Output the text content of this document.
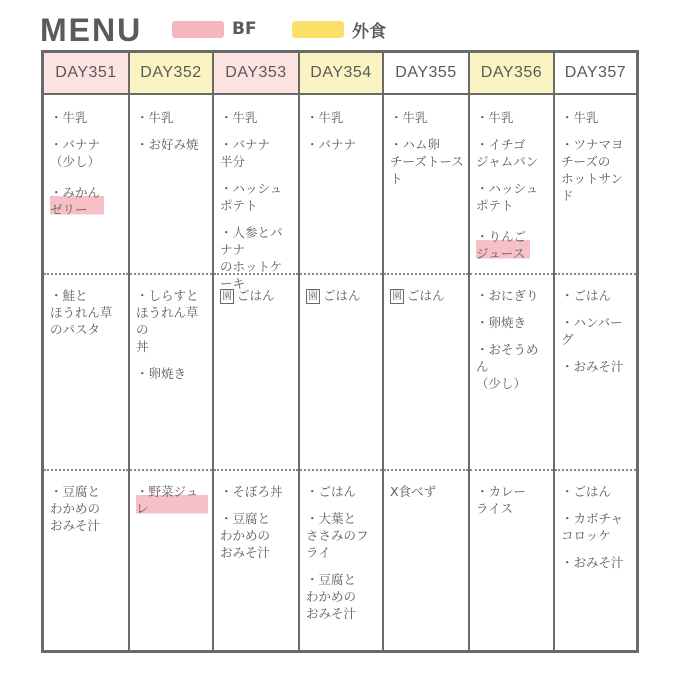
MENU	BF	外食
DAY351
・牛乳
・バナナ
（少し）
・みかん
ゼリー
・鮭と
ほうれん草
のパスタ
・豆腐と
わかめの
おみそ汁
DAY352
・牛乳
・お好み焼
・しらすと
ほうれん草の
丼
・卵焼き
・野菜ジュレ
DAY353
・牛乳
・バナナ
半分
・ハッシュ
ポテト
・人参とバナナ
のホットケーキ
園 ごはん
・そぼろ丼
・豆腐と
わかめの
おみそ汁
DAY354
・牛乳
・バナナ
園 ごはん
・ごはん
・大葉と
ささみのフライ
・豆腐と
わかめの
おみそ汁
DAY355
・牛乳
・ハム卵
チーズトースト
園 ごはん
X食べず
DAY356
・牛乳
・イチゴ
ジャムパン
・ハッシュ
ポテト
・りんご
ジュース
・おにぎり
・卵焼き
・おそうめん
（少し）
・カレー
ライス
DAY357
・牛乳
・ツナマヨ
チーズの
ホットサンド
・ごはん
・ハンバーグ
・おみそ汁
・ごはん
・カボチャ
コロッケ
・おみそ汁
